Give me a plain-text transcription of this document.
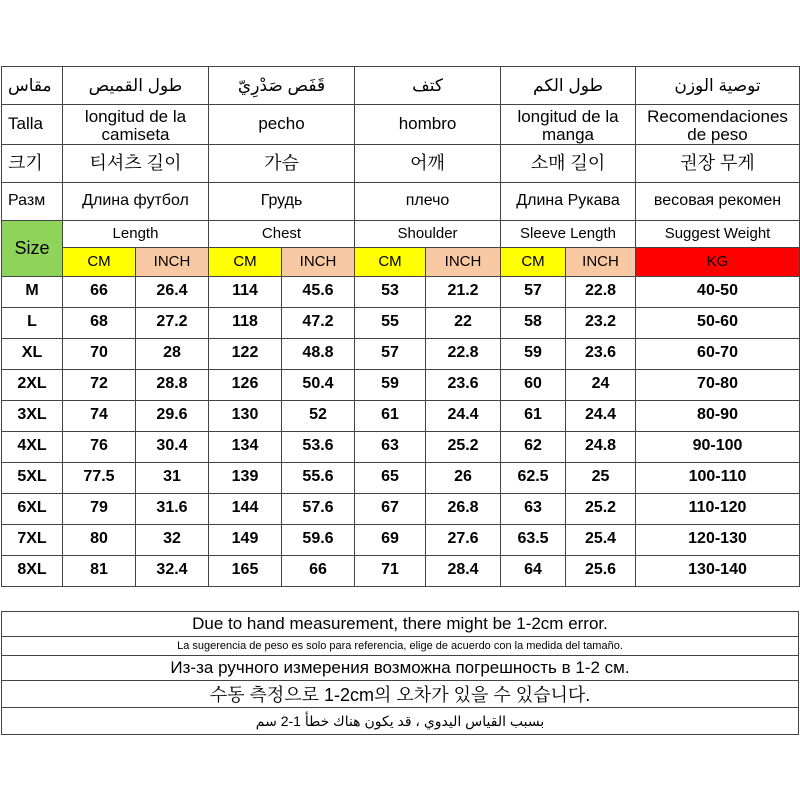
مقاس	طول القميص		قَفَص صَدْرِيّ		كتف		طول الكم		توصية الوزن
Talla	longitud de la camiseta		pecho		hombro		longitud de la manga		Recomendaciones de peso
크기	티셔츠 길이		가슴		어깨		소매 길이		권장 무게
Разм	Длина футбол		Грудь		плечо		Длина Рукава		весовая рекомен
Size	Length		Chest		Shoulder		Sleeve Length		Suggest Weight
	CM	INCH	CM	INCH	CM	INCH	CM	INCH	KG
M	66	26.4	114	45.6	53	21.2	57	22.8	40-50
L	68	27.2	118	47.2	55	22	58	23.2	50-60
XL	70	28	122	48.8	57	22.8	59	23.6	60-70
2XL	72	28.8	126	50.4	59	23.6	60	24	70-80
3XL	74	29.6	130	52	61	24.4	61	24.4	80-90
4XL	76	30.4	134	53.6	63	25.2	62	24.8	90-100
5XL	77.5	31	139	55.6	65	26	62.5	25	100-110
6XL	79	31.6	144	57.6	67	26.8	63	25.2	110-120
7XL	80	32	149	59.6	69	27.6	63.5	25.4	120-130
8XL	81	32.4	165	66	71	28.4	64	25.6	130-140
Due to hand measurement, there might be 1-2cm error.
La sugerencia de peso es solo para referencia, elige de acuerdo con la medida del tamaño.
Из-за ручного измерения возможна погрешность в 1-2 см.
수동 측정으로 1-2cm의 오차가 있을 수 있습니다.
بسبب القياس اليدوي ، قد يكون هناك خطأ 1-2 سم
